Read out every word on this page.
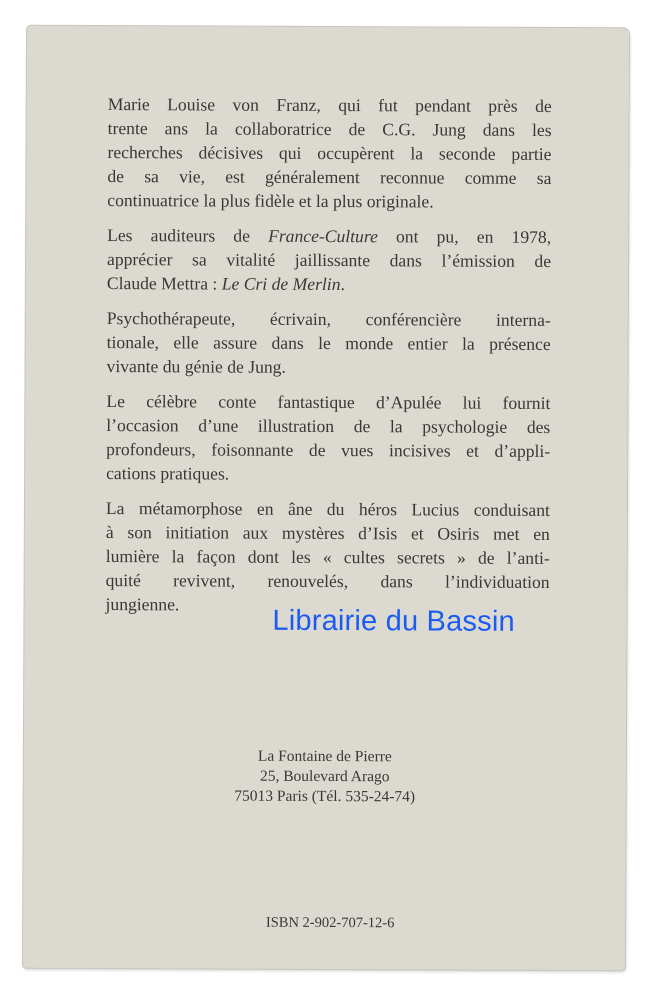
Marie Louise von Franz, qui fut pendant près de
trente ans la collaboratrice de C.G. Jung dans les
recherches décisives qui occupèrent la seconde partie
de sa vie, est généralement reconnue comme sa
continuatrice la plus fidèle et la plus originale.

Les auditeurs de France-Culture ont pu, en 1978,
apprécier sa vitalité jaillissante dans l’émission de
Claude Mettra : Le Cri de Merlin.

Psychothérapeute, écrivain, conférencière interna-
tionale, elle assure dans le monde entier la présence
vivante du génie de Jung.

Le célèbre conte fantastique d’Apulée lui fournit
l’occasion d’une illustration de la psychologie des
profondeurs, foisonnante de vues incisives et d’appli-
cations pratiques.

La métamorphose en âne du héros Lucius conduisant
à son initiation aux mystères d’Isis et Osiris met en
lumière la façon dont les « cultes secrets » de l’anti-
quité revivent, renouvelés, dans l’individuation
jungienne.

Librairie du Bassin
La Fontaine de Pierre
25, Boulevard Arago
75013 Paris (Tél. 535-24-74)
ISBN 2-902-707-12-6
